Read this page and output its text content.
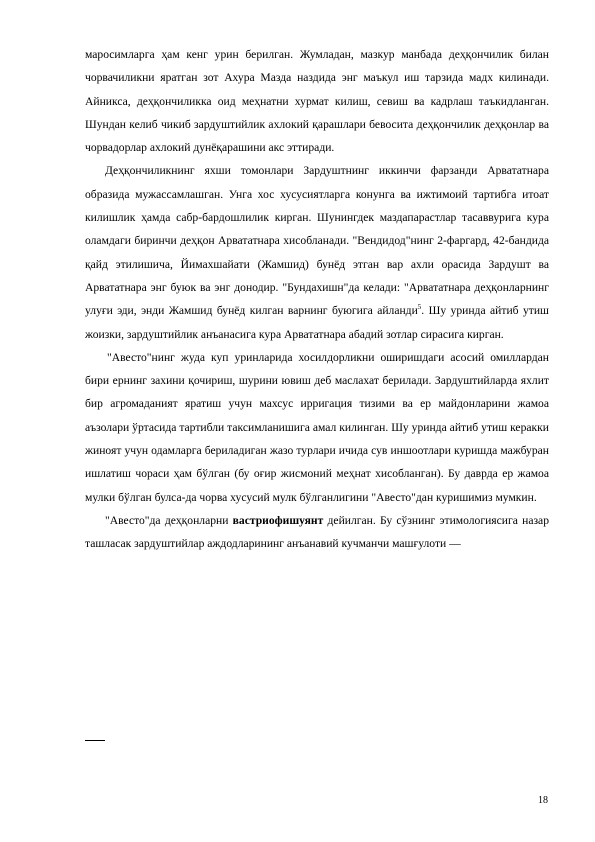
маросимларга ҳам кенг урин берилган. Жумладан, мазкур манбада деҳқончилик билан чорвачиликни яратган зот Ахура Мазда наздида энг маъкул иш тарзида мадх килинади. Айникса, деҳқончиликка оид меҳнатни хурмат килиш, севиш ва кадрлаш таъкидланган. Шундан келиб чикиб зардуштийлик ахлокий қарашлари бевосита деҳқончилик деҳқонлар ва чорвадорлар ахлокий дунёқарашини акс эттиради.

Деҳқончиликнинг яхши томонлари Зардуштнинг иккинчи фарзанди Арвататнара образида мужассамлашган. Унга хос хусусиятларга конунга ва ижтимоий тартибга итоат килишлик ҳамда сабр-бардошлилик кирган. Шунингдек маздапарастлар тасаввурига кура оламдаги биринчи деҳқон Арвататнара хисобланади. "Вендидод"нинг 2-фаргард, 42-бандида қайд этилишича, Йимахшайати (Жамшид) бунёд этган вар ахли орасида Зардушт ва Арвататнара энг буюк ва энг донодир. "Бундахишн"да келади: "Арвататнара деҳқонларнинг улуғи эди, энди Жамшид бунёд килган варнинг буюгига айланди$^5$. Шу уринда айтиб утиш жоизки, зардуштийлик анъанасига кура Арвататнара абадий зотлар сирасига кирган.

"Авесто"нинг жуда куп уринларида хосилдорликни оширишдаги асосий омиллардан бири ернинг захини қочириш, шурини ювиш деб маслахат берилади. Зардуштийларда яхлит бир агромаданият яратиш учун махсус ирригация тизими ва ер майдонларини жамоа аъзолари ўртасида тартибли таксимланишига амал килинган. Шу уринда айтиб утиш керакки жиноят учун одамларга бериладиган жазо турлари ичида сув иншоотлари куришда мажбуран ишлатиш чораси ҳам бўлган (бу оғир жисмоний меҳнат хисобланган). Бу даврда ер жамоа мулки бўлган булса-да чорва хусусий мулк бўлганлигини "Авесто"дан куришимиз мумкин.

"Авесто"да деҳқонларни вастриофишуянт дейилган. Бу сўзнинг этимологиясига назар ташласак зардуштийлар аждодларининг анъанавий кучманчи машғулоти —

18
